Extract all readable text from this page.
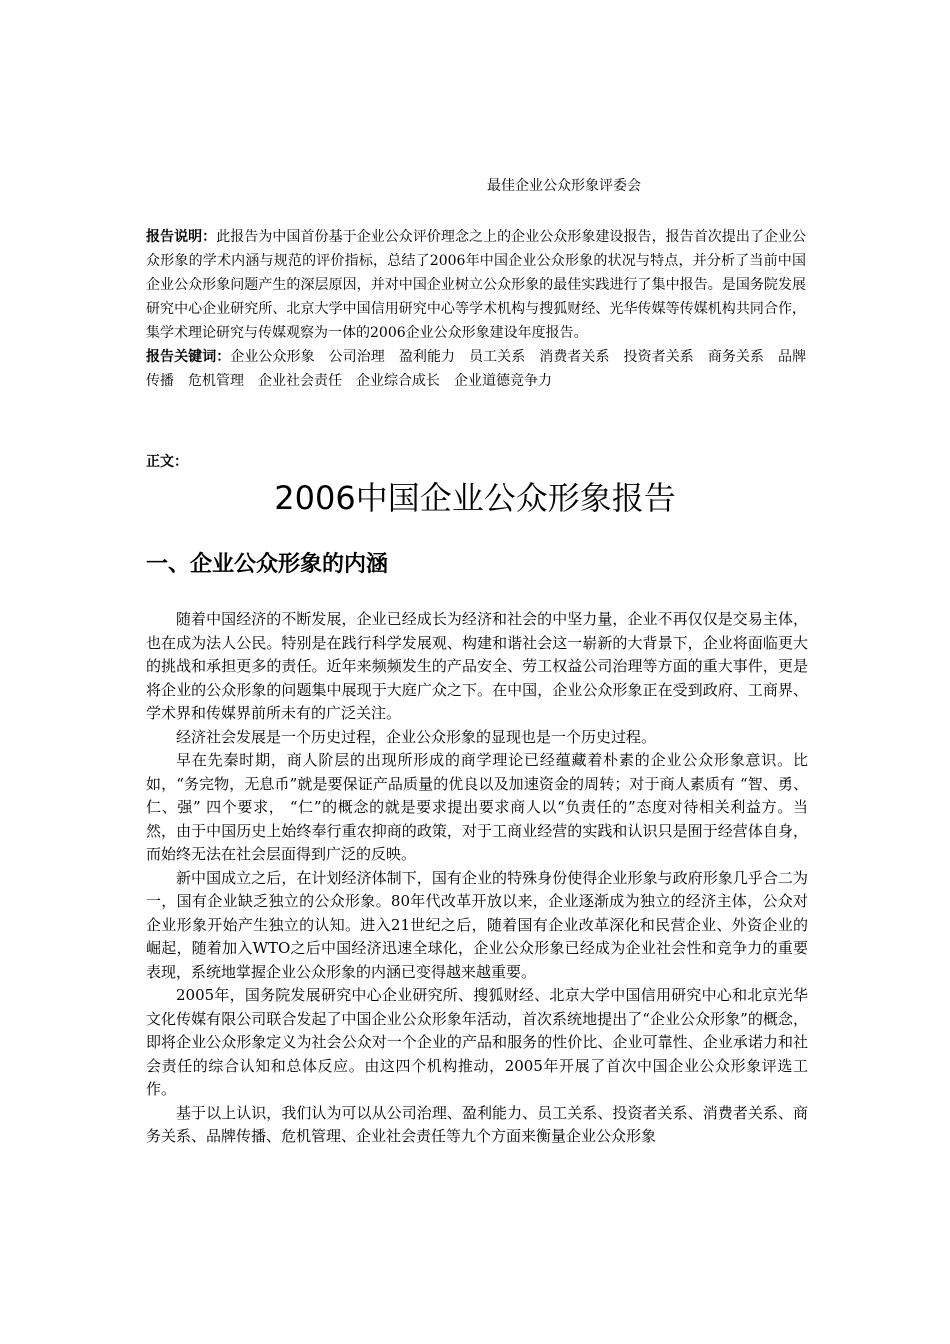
最佳企业公众形象评委会

报告说明：此报告为中国首份基于企业公众评价理念之上的企业公众形象建设报告，报告首次提出了企业公众形象的学术内涵与规范的评价指标，总结了2006年中国企业公众形象的状况与特点，并分析了当前中国企业公众形象问题产生的深层原因，并对中国企业树立公众形象的最佳实践进行了集中报告。是国务院发展研究中心企业研究所、北京大学中国信用研究中心等学术机构与搜狐财经、光华传媒等传媒机构共同合作，集学术理论研究与传媒观察为一体的2006企业公众形象建设年度报告。

报告关键词：企业公众形象 公司治理 盈利能力 员工关系 消费者关系 投资者关系 商务关系 品牌传播 危机管理 企业社会责任 企业综合成长 企业道德竞争力

正文：
2006中国企业公众形象报告
一、企业公众形象的内涵

随着中国经济的不断发展，企业已经成长为经济和社会的中坚力量，企业不再仅仅是交易主体，也在成为法人公民。特别是在践行科学发展观、构建和谐社会这一崭新的大背景下，企业将面临更大的挑战和承担更多的责任。近年来频频发生的产品安全、劳工权益公司治理等方面的重大事件，更是将企业的公众形象的问题集中展现于大庭广众之下。在中国，企业公众形象正在受到政府、工商界、学术界和传媒界前所未有的广泛关注。

经济社会发展是一个历史过程，企业公众形象的显现也是一个历史过程。

早在先秦时期，商人阶层的出现所形成的商学理论已经蕴藏着朴素的企业公众形象意识。比如，“务完物，无息币”就是要保证产品质量的优良以及加速资金的周转；对于商人素质有 “智、勇、仁、强” 四个要求， “仁”的概念的就是要求提出要求商人以“负责任的”态度对待相关利益方。当然，由于中国历史上始终奉行重农抑商的政策，对于工商业经营的实践和认识只是囿于经营体自身，而始终无法在社会层面得到广泛的反映。

新中国成立之后，在计划经济体制下，国有企业的特殊身份使得企业形象与政府形象几乎合二为一，国有企业缺乏独立的公众形象。80年代改革开放以来，企业逐渐成为独立的经济主体，公众对企业形象开始产生独立的认知。进入21世纪之后，随着国有企业改革深化和民营企业、外资企业的崛起，随着加入WTO之后中国经济迅速全球化，企业公众形象已经成为企业社会性和竞争力的重要表现，系统地掌握企业公众形象的内涵已变得越来越重要。

2005年，国务院发展研究中心企业研究所、搜狐财经、北京大学中国信用研究中心和北京光华文化传媒有限公司联合发起了中国企业公众形象年活动，首次系统地提出了“企业公众形象”的概念，即将企业公众形象定义为社会公众对一个企业的产品和服务的性价比、企业可靠性、企业承诺力和社会责任的综合认知和总体反应。由这四个机构推动，2005年开展了首次中国企业公众形象评选工作。

基于以上认识，我们认为可以从公司治理、盈利能力、员工关系、投资者关系、消费者关系、商务关系、品牌传播、危机管理、企业社会责任等九个方面来衡量企业公众形象
